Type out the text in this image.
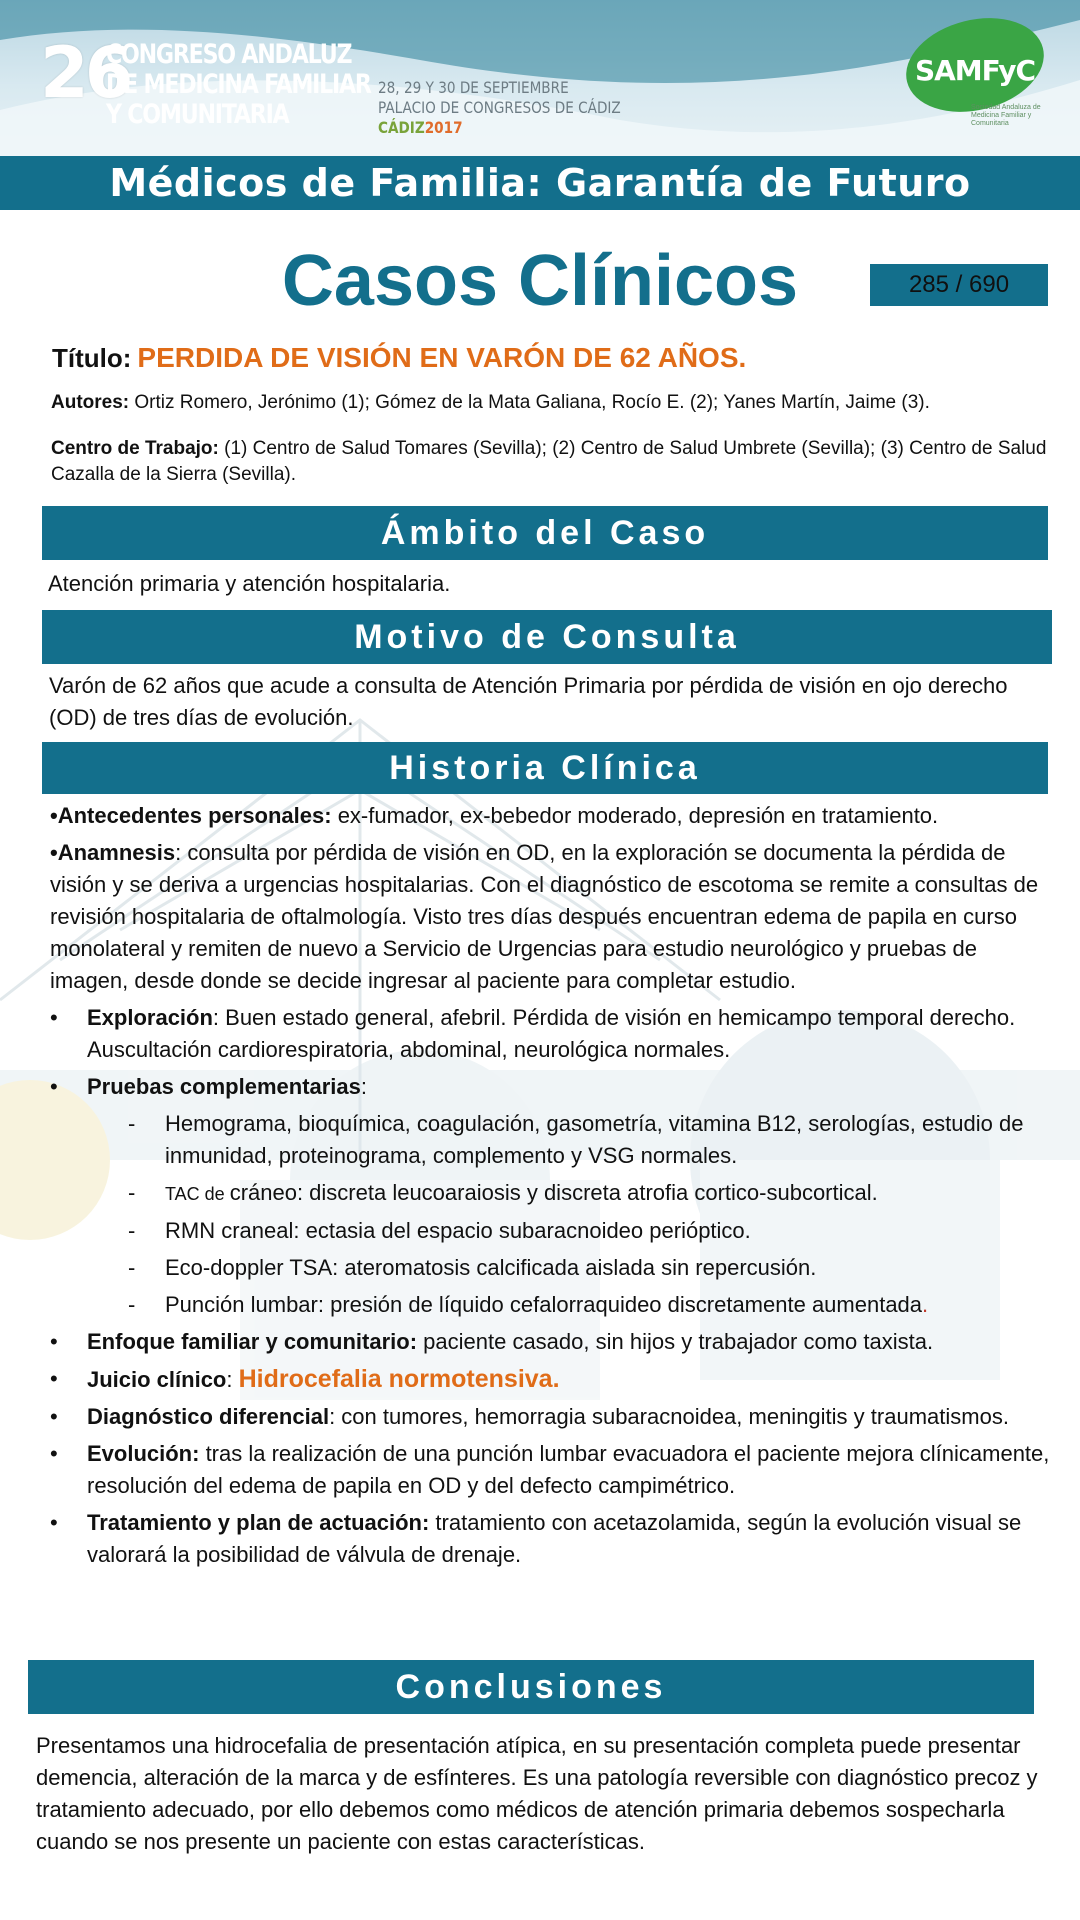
26
CONGRESO ANDALUZ
DE MEDICINA FAMILIAR
Y COMUNITARIA
28, 29 Y 30 DE SEPTIEMBRE
PALACIO DE CONGRESOS DE CÁDIZ
CÁDIZ2017
SAMFyC
Sociedad Andaluza de Medicina Familiar y Comunitaria
Médicos de Familia: Garantía de Futuro
Casos Clínicos	285 / 690
Título: PERDIDA DE VISIÓN EN VARÓN DE 62 AÑOS.
Autores: Ortiz Romero, Jerónimo (1); Gómez de la Mata Galiana, Rocío E. (2); Yanes Martín, Jaime (3).
Centro de Trabajo: (1) Centro de Salud Tomares (Sevilla); (2) Centro de Salud Umbrete (Sevilla); (3) Centro de Salud Cazalla de la Sierra (Sevilla).
Ámbito del Caso
Atención primaria y atención hospitalaria.
Motivo de Consulta
Varón de 62 años que acude a consulta de Atención Primaria por pérdida de visión en ojo derecho (OD) de tres días de evolución.
Historia Clínica
•Antecedentes personales: ex-fumador, ex-bebedor moderado, depresión en tratamiento.
•Anamnesis: consulta por pérdida de visión en OD, en la exploración se documenta la pérdida de visión y se deriva a urgencias hospitalarias. Con el diagnóstico de escotoma se remite a consultas de revisión hospitalaria de oftalmología. Visto tres días después encuentran edema de papila en curso monolateral y remiten de nuevo a Servicio de Urgencias para estudio neurológico y pruebas de imagen, desde donde se decide ingresar al paciente para completar estudio.
• Exploración: Buen estado general, afebril. Pérdida de visión en hemicampo temporal derecho. Auscultación cardiorespiratoria, abdominal, neurológica normales.
• Pruebas complementarias:
- Hemograma, bioquímica, coagulación, gasometría, vitamina B12, serologías, estudio de inmunidad, proteinograma, complemento y VSG normales.
- TAC de cráneo: discreta leucoaraiosis y discreta atrofia cortico-subcortical.
- RMN craneal: ectasia del espacio subaracnoideo perióptico.
- Eco-doppler TSA: ateromatosis calcificada aislada sin repercusión.
- Punción lumbar: presión de líquido cefalorraquideo discretamente aumentada.
• Enfoque familiar y comunitario: paciente casado, sin hijos y trabajador como taxista.
• Juicio clínico: Hidrocefalia normotensiva.
• Diagnóstico diferencial: con tumores, hemorragia subaracnoidea, meningitis y traumatismos.
• Evolución: tras la realización de una punción lumbar evacuadora el paciente mejora clínicamente, resolución del edema de papila en OD y del defecto campimétrico.
• Tratamiento y plan de actuación: tratamiento con acetazolamida, según la evolución visual se valorará la posibilidad de válvula de drenaje.
Conclusiones
Presentamos una hidrocefalia de presentación atípica, en su presentación completa puede presentar demencia, alteración de la marca y de esfínteres. Es una patología reversible con diagnóstico precoz y tratamiento adecuado, por ello debemos como médicos de atención primaria debemos sospecharla cuando se nos presente un paciente con estas características.
